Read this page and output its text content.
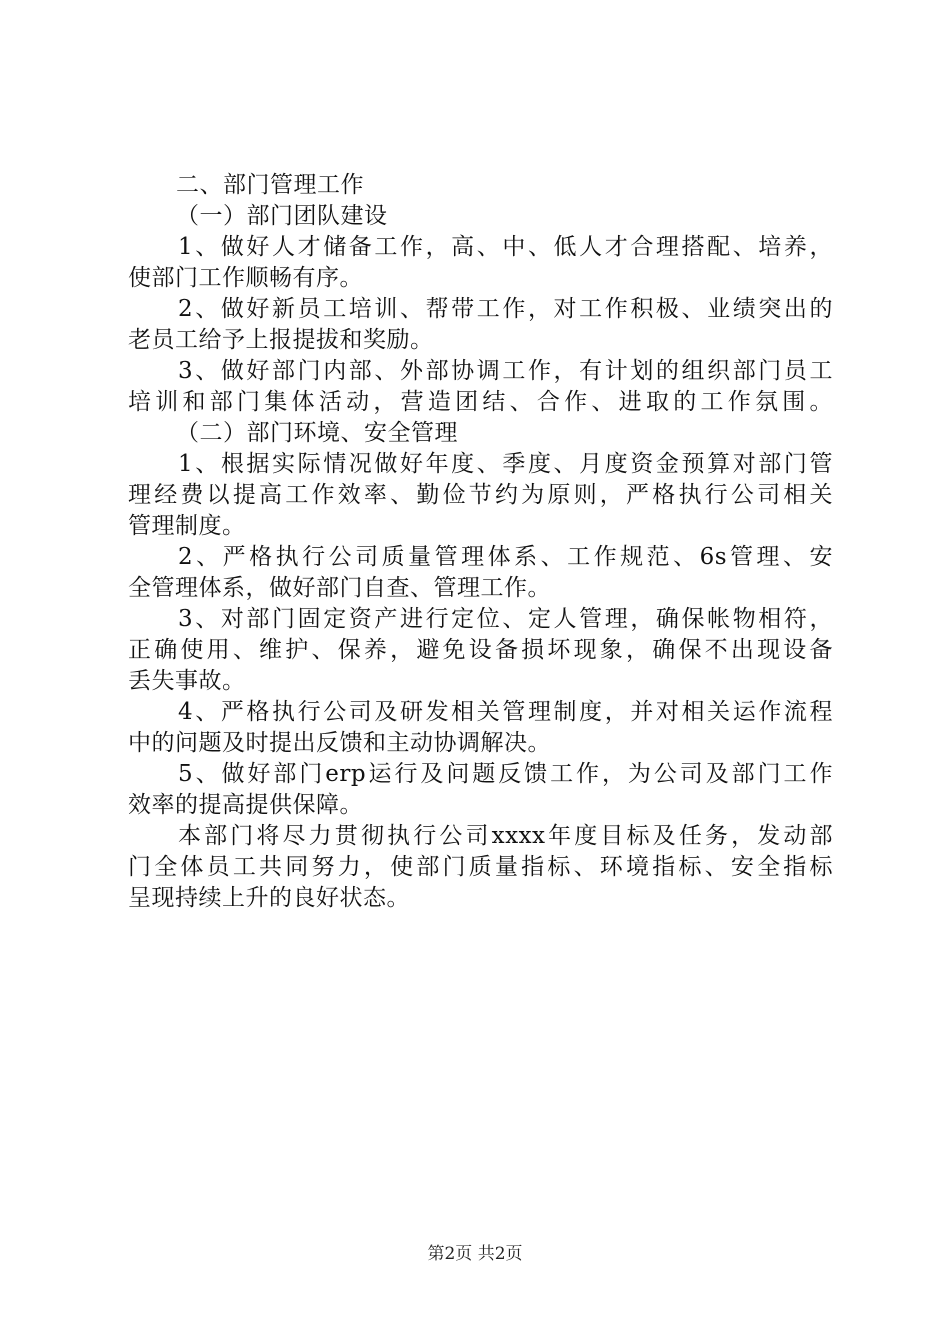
二、部门管理工作
（一）部门团队建设
1、做好人才储备工作，高、中、低人才合理搭配、培养，
使部门工作顺畅有序。
2、做好新员工培训、帮带工作，对工作积极、业绩突出的
老员工给予上报提拔和奖励。
3、做好部门内部、外部协调工作，有计划的组织部门员工
培训和部门集体活动，营造团结、合作、进取的工作氛围。
（二）部门环境、安全管理
1、根据实际情况做好年度、季度、月度资金预算对部门管
理经费以提高工作效率、勤俭节约为原则，严格执行公司相关
管理制度。
2、严格执行公司质量管理体系、工作规范、6s管理、安
全管理体系，做好部门自查、管理工作。
3、对部门固定资产进行定位、定人管理，确保帐物相符，
正确使用、维护、保养，避免设备损坏现象，确保不出现设备
丢失事故。
4、严格执行公司及研发相关管理制度，并对相关运作流程
中的问题及时提出反馈和主动协调解决。
5、做好部门erp运行及问题反馈工作，为公司及部门工作
效率的提高提供保障。
本部门将尽力贯彻执行公司xxxx年度目标及任务，发动部
门全体员工共同努力，使部门质量指标、环境指标、安全指标
呈现持续上升的良好状态。
第2页 共2页
